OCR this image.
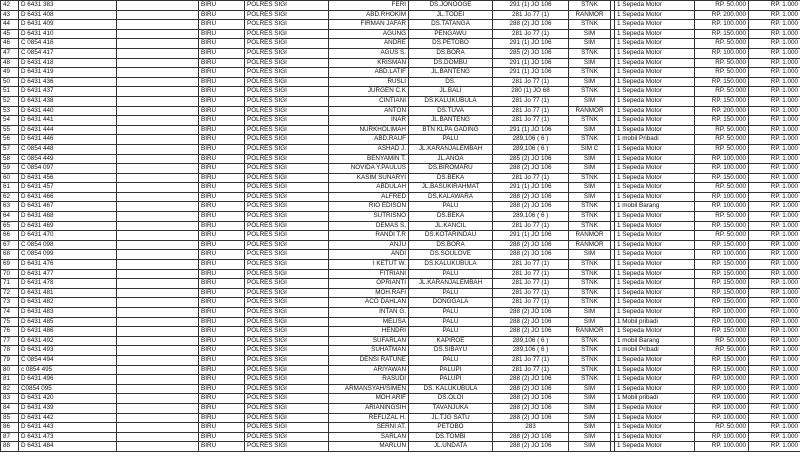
42	D 6431 383		BIRU	POLRES SIGI	FERI	DS.JONOOGE	291 (1) JO 106	STNK		1 Sepeda Motor	RP. 50.000	RP. 1.000
43	D 6431 408		BIRU	POLRES SIGI	ABD.RHOKIM	JL.TODEI	281 Jo 77 (1)	RANMOR		1 Sepeda Motor	RP. 200.000	RP. 1.000
44	D 6431 409		BIRU	POLRES SIGI	FIRMAN JAFAR	DS.TATANGA	288 (2) JO 106	STNK		1 Sepeda Motor	RP. 100.000	RP. 1.000
45	D 6431 410		BIRU	POLRES SIGI	AGUNG	PENGAWU	281 Jo 77 (1)	SIM		1 Sepeda Motor	RP. 150.000	RP. 1.000
46	C 0854 416		BIRU	POLRES SIGI	ANDRE	DS.PETOBO	291 (1) JO 106	SIM		1 Sepeda Motor	RP. 50.000	RP. 1.000
47	C 0854 417		BIRU	POLRES SIGI	AGUS S.	DS.BORA	285 (2) JO 106	STNK		1 Sepeda Motor	RP. 100.000	RP. 1.000
48	D 6431 418		BIRU	POLRES SIGI	KRISMAN	DS.DOMBU	291 (1) JO 106	SIM		1 Sepeda Motor	RP. 50.000	RP. 1.000
49	D 6431 419		BIRU	POLRES SIGI	ABD.LATIF	JL.BANTENG	291 (1) JO 106	STNK		1 Sepeda Motor	RP. 50.000	RP. 1.000
50	D 6431 436		BIRU	POLRES SIGI	RUSLI	DS.	281 Jo 77 (1)	SIM		1 Sepeda Motor	RP. 150.000	RP. 1.000
51	D 6431 437		BIRU	POLRES SIGI	JURGEN C.K	JL.BALI	280 (1) JO 68	STNK		1 Sepeda Motor	RP. 50.000	RP. 1.000
52	D 6431 438		BIRU	POLRES SIGI	CINTIANI	DS.KALUKUBULA	281 Jo 77 (1)	SIM		1 Sepeda Motor	RP. 150.000	RP. 1.000
53	D 6431 440		BIRU	POLRES SIGI	ANTON	DS.TUVA	281 Jo 77 (1)	RANMOR		1 Sepeda Motor	RP. 200.000	RP. 1.000
54	D 6431 441		BIRU	POLRES SIGI	INAR	JL.BANTENG	281 Jo 77 (1)	STNK		1 Sepeda Motor	RP. 150.000	RP. 1.000
55	D 6431 444		BIRU	POLRES SIGI	NURKHOLIMAH	BTN KLPA GADING	291 (1) JO 106	SIM		1 Sepeda Motor	RP. 50.000	RP. 1.000
56	D 6431 446		BIRU	POLRES SIGI	ABD.RAUF	PALU	289,106 ( 6 )	STNK		1 mobil Pribadi	RP. 50.000	RP. 1.000
57	C 0854 448		BIRU	POLRES SIGI	ASHAD J.	JL.KARANJALEMBAH	289,106 ( 6 )	SIM C		1 Sepeda Motor	RP. 50.000	RP. 1.000
58	C 0854 449		BIRU	POLRES SIGI	BENYAMIN T.	JL.ANOA	285 (2) JO 106	SIM		1 Sepeda Motor	RP. 100.000	RP. 1.000
59	C 0854 097		BIRU	POLRES SIGI	NOVIDA Y.PAULUS	DS.BIROMARU	288 (2) JO 106	SIM		1 Sepeda Motor	RP. 100.000	RP. 1.000
60	D 6431 456		BIRU	POLRES SIGI	KASIM SUNARYI	DS.BEKA	281 Jo 77 (1)	STNK		1 Sepeda Motor	RP. 150.000	RP. 1.000
61	D 6431 457		BIRU	POLRES SIGI	ABDULAH	JL.BASUKIRAHMAT	291 (1) JO 106	SIM		1 Sepeda Motor	RP. 50.000	RP. 1.000
62	D 6431 466		BIRU	POLRES SIGI	ALFRED	DS,KALAWARA	288 (2) JO 106	SIM		1 Sepeda Motor	RP. 100.000	RP. 1.000
63	D 6431 467		BIRU	POLRES SIGI	RIO EDISON	PALU	288 (2) JO 106	STNK		1 mobil Barang	RP. 100.000	RP. 1.000
64	D 6431 468		BIRU	POLRES SIGI	SUTRISNO	DS.BEKA	289,106 ( 6 )	STNK		1 Sepeda Motor	RP. 50.000	RP. 1.000
65	D 6431 469		BIRU	POLRES SIGI	DEMAS S,	JL.KANCIL	281 Jo 77 (1)	STNK		1 Sepeda Motor	RP. 150.000	RP. 1.000
66	D 6431 470		BIRU	POLRES SIGI	RANDI T.R	DS.KOTARINDAU	291 (1) JO 106	RANMOR		1 Sepeda Motor	RP. 50.000	RP. 1.000
67	C 0854 098		BIRU	POLRES SIGI	ANJU	DS.BORA	288 (2) JO 106	RANMOR		1 Sepeda Motor	RP. 150.000	RP. 1.000
68	C 0854 099		BIRU	POLRES SIGI	ANDI	DS.SOULOVE	288 (2) JO 106	SIM		1 Sepeda Motor	RP. 100.000	RP. 1.000
69	D 6431 476		BIRU	POLRES SIGI	I KETUT W.	DS.KALUKUBULA	281 Jo 77 (1)	STNK		1 Sepeda Motor	RP. 150.000	RP. 1.000
70	D 6431 477		BIRU	POLRES SIGI	FITRIANI	PALU	281 Jo 77 (1)	STNK		1 Sepeda Motor	RP. 150.000	RP. 1.000
71	D 6431 478		BIRU	POLRES SIGI	OPRIANTI	JL.KARANJALEMBAH	281 Jo 77 (1)	STNK		1 Sepeda Motor	RP. 150.000	RP. 1.000
72	D 6431 481		BIRU	POLRES SIGI	MOH.RAFI	PALU	281 Jo 77 (1)	STNK		1 Sepeda Motor	RP. 150.000	RP. 1.000
73	D 6431 482		BIRU	POLRES SIGI	ACO DAHLAN	DONGGALA	281 Jo 77 (1)	STNK		1 Sepeda Motor	RP. 150.000	RP. 1.000
74	D 6431 483		BIRU	POLRES SIGI	INTAN G.	PALU	288 (2) JO 106	SIM		1 Sepeda Motor	RP. 100.000	RP. 1.000
75	D 6431 485		BIRU	POLRES SIGI	MELISA	PALU	288 (2) JO 106	SIM		1 Mobil pribadi	RP. 100.000	RP. 1.000
76	D 6431 486		BIRU	POLRES SIGI	HENDRI	PALU	288 (2) JO 106	RANMOR		1 Sepeda Motor	RP. 150.000	RP. 1.000
77	D 6431 492		BIRU	POLRES SIGI	SUFARLAN	KAPIROE	289,106 ( 6 )	STNK		1 mobil Barang	RP. 50.000	RP. 1.000
78	D 6431 493		BIRU	POLRES SIGI	SUHATMAN	DS.SIBAYU	289,106 ( 6 )	STNK		1 mobil Pribadi	RP. 50.000	RP. 1.000
79	C 0854 494		BIRU	POLRES SIGI	DENSI RATUNE	PALU	281 Jo 77 (1)	STNK		1 Sepeda Motor	RP. 150.000	RP. 1.000
80	c 0854 495		BIRU	POLRES SIGI	ARIYAWAN	PALUPI	281 Jo 77 (1)	STNK		1 Sepeda Motor	RP. 150.000	RP. 1.000
81	D 6431 496		BIRU	POLRES SIGI	RASUDI	PALUPI	288 (2) JO 106	STNK		1 Sepeda Motor	RP. 100.000	RP. 1.000
82	C0854 095		BIRU	POLRES SIGI	ARMANSYAH/SIMEN	DS. KALUKUBULA	288 (2) JO 106	SIM		1 Sepeda Motor	RP. 100.000	RP. 1.000
83	D 6431 420		BIRU	POLRES SIGI	MOH ARIF	DS.OLOI	288 (2) JO 106	SIM		1 Mobil pribadi	RP. 100.000	RP. 1.000
84	D 6431 439		BIRU	POLRES SIGI	ARIANINGSIH	TAVANJUKA	288 (2) JO 106	SIM		1 Sepeda Motor	RP. 100.000	RP. 1.000
85	D 6431 442		BIRU	POLRES SIGI	REFLIZAL H.	JL.TJG SATU	288 (2) JO 106	SIM		1 Sepeda Motor	RP. 100.000	RP. 1.000
86	D 6431 443		BIRU	POLRES SIGI	SERNI AT.	PETOBO	283	SIM		1 Sepeda Motor	RP. 50.000	RP. 1.000
87	D 6431 473		BIRU	POLRES SIGI	SARLAN	DS.TOMBI	288 (2) JO 106	SIM		1 Sepeda Motor	RP. 100.000	RP. 1.000
88	D 6431 484		BIRU	POLRES SIGI	MARLUN	JL.UNDATA	288 (2) JO 106	SIM		1 Sepeda Motor	RP. 100.000	RP. 1.000
